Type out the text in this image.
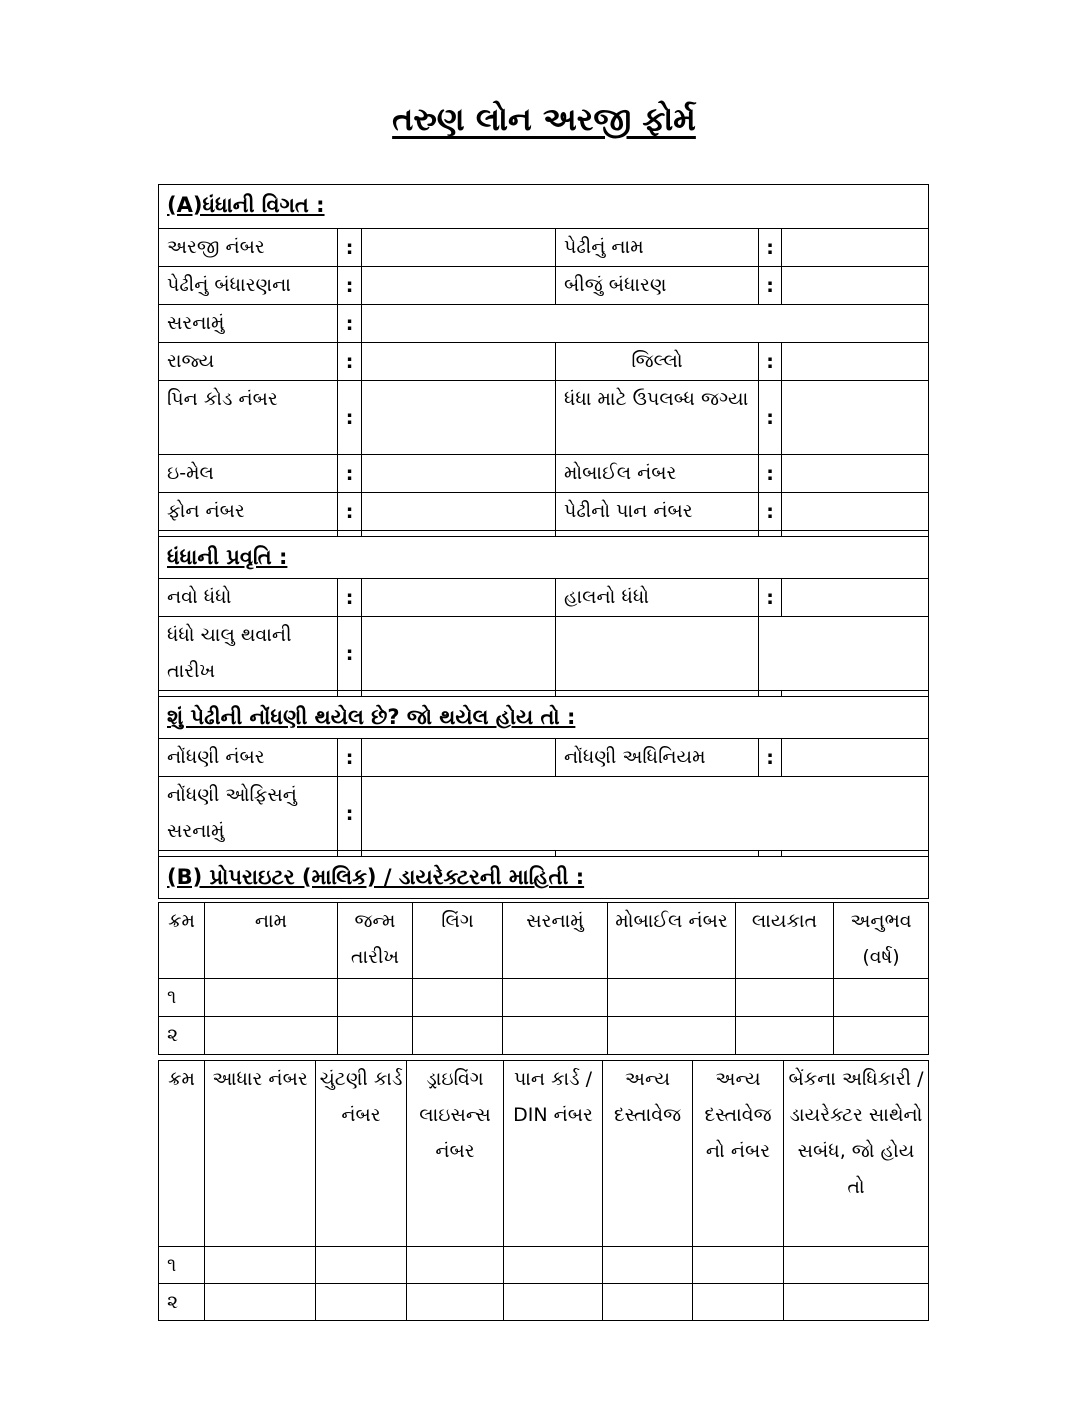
તરુણ લોન અરજી ફોર્મ
(A)ધંધાની વિગત :					
અરજી નંબર	:		પેઢીનું નામ	:	
પેઢીનું બંધારણના	:		બીજું બંધારણ	:	
સરનામું	:				
રાજ્ય	:		જિલ્લો	:	
પિન કોડ નંબર	:		ધંધા માટે ઉપલબ્ધ જગ્યા	:	
ઇ-મેલ	:		મોબાઈલ નંબર	:	
ફોન નંબર	:		પેઢીનો પાન નંબર	:	

ધંધાની પ્રવૃતિ :					
નવો ધંધો	:		હાલનો ધંધો	:	
ધંધો ચાલુ થવાની તારીખ	:				

શું પેઢીની નોંધણી થયેલ છે? જો થયેલ હોય તો :					
નોંધણી નંબર	:		નોંધણી અધિનિયમ	:	
નોંધણી ઓફિસનું સરનામું	:				

(B) પ્રોપરાઇટર (માલિક) / ડાયરેક્ટરની માહિતી :					
ક્રમ	નામ	જન્મ તારીખ	લિંગ	સરનામું	મોબાઈલ નંબર	લાયકાત	અનુભવ (વર્ષ)
૧							
૨							
ક્રમ	આધાર નંબર	ચુંટણી કાર્ડ નંબર	ડ્રાઇવિંગ લાઇસન્સ નંબર	પાન કાર્ડ / DIN નંબર	અન્ય દસ્તાવેજ	અન્ય દસ્તાવેજ નો નંબર	બેંકના અધિકારી / ડાયરેક્ટર સાથેનો સબંધ, જો હોય તો
૧							
૨							
